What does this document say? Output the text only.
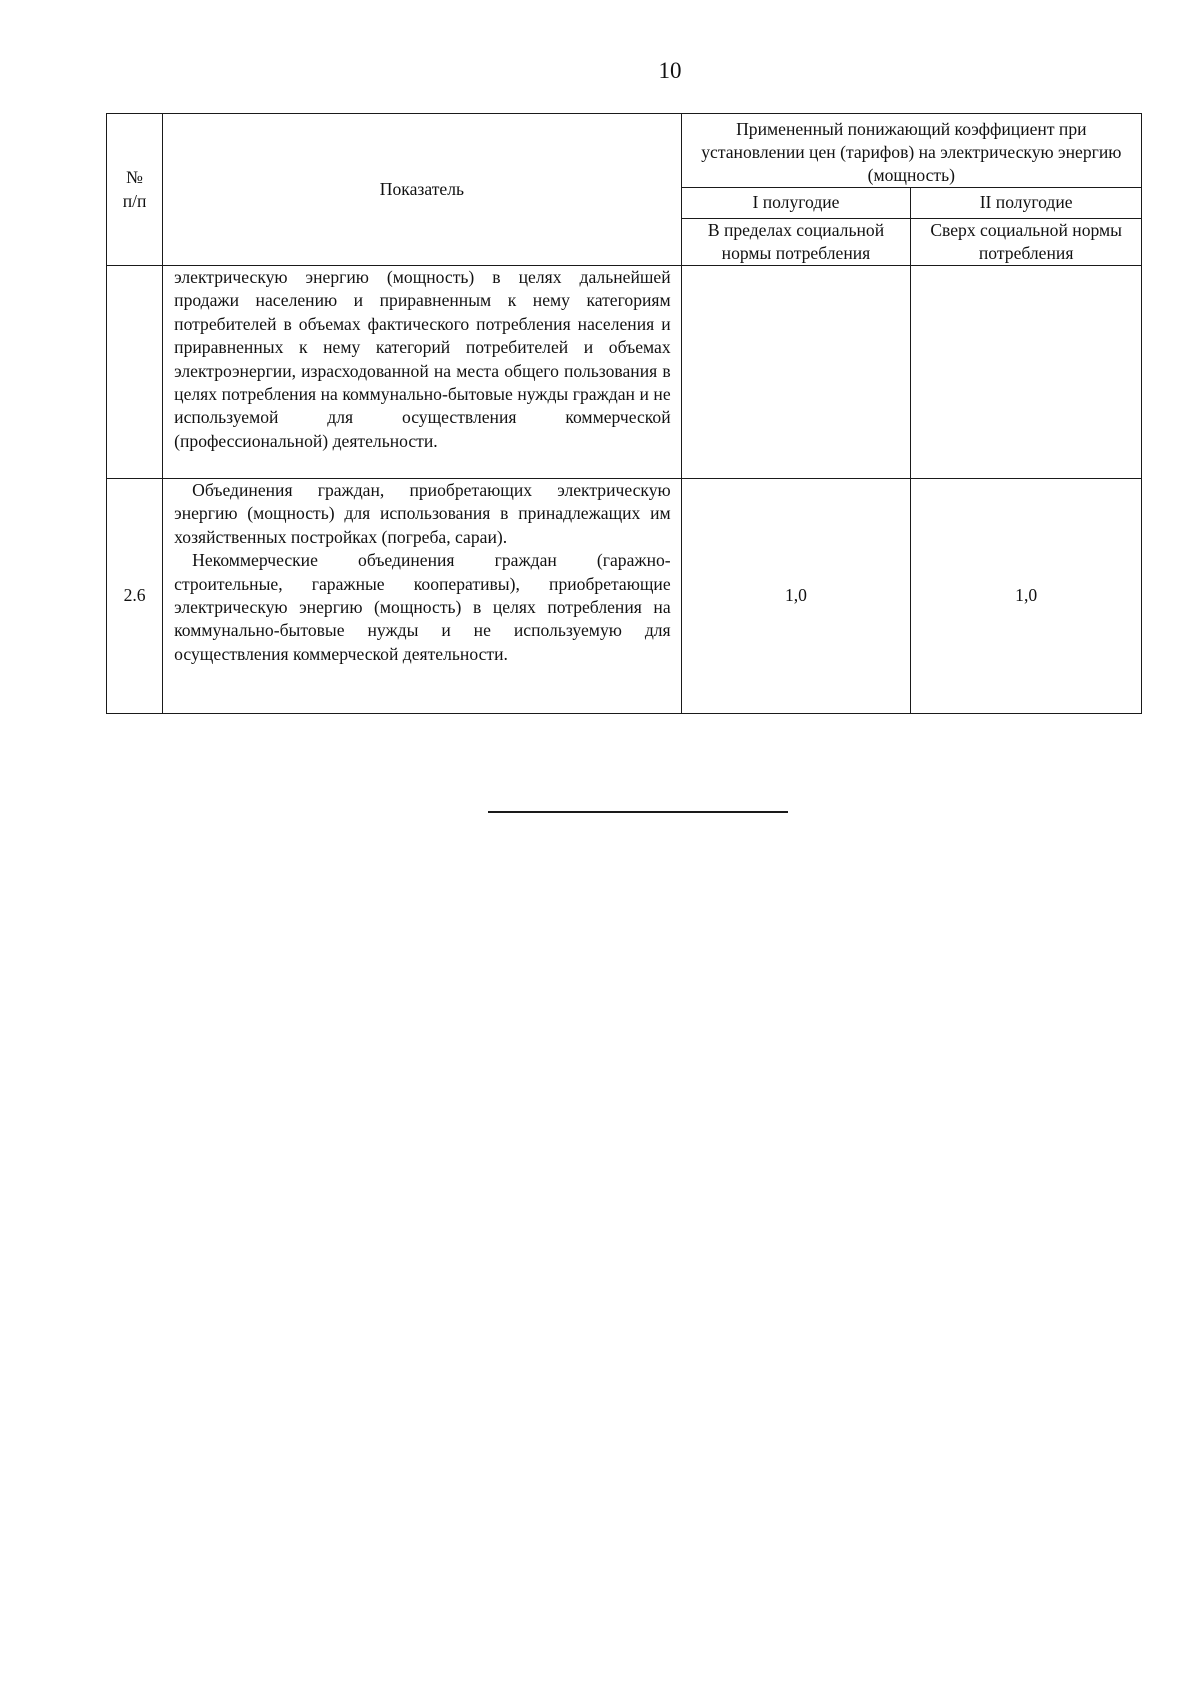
10
№
п/п	Показатель	Примененный понижающий коэффициент при установлении цен (тарифов) на электрическую энергию (мощность)	
		I полугодие	II полугодие
		В пределах социальной нормы потребления	Сверх социальной нормы потребления

	электрическую энергию (мощность) в целях дальнейшей продажи населению и приравненным к нему категориям потребителей в объемах фактического потребления населения и приравненных к нему категорий потребителей и объемах электроэнергии, израсходованной на места общего пользования в целях потребления на коммунально-бытовые нужды граждан и не используемой для осуществления коммерческой (профессиональной) деятельности.		

2.6	Объединения граждан, приобретающих электрическую энергию (мощность) для использования в принадлежащих им хозяйственных постройках (погреба, сараи).
Некоммерческие объединения граждан (гаражно-строительные, гаражные кооперативы), приобретающие электрическую энергию (мощность) в целях потребления на коммунально-бытовые нужды и не используемую для осуществления коммерческой деятельности.	1,0	1,0
